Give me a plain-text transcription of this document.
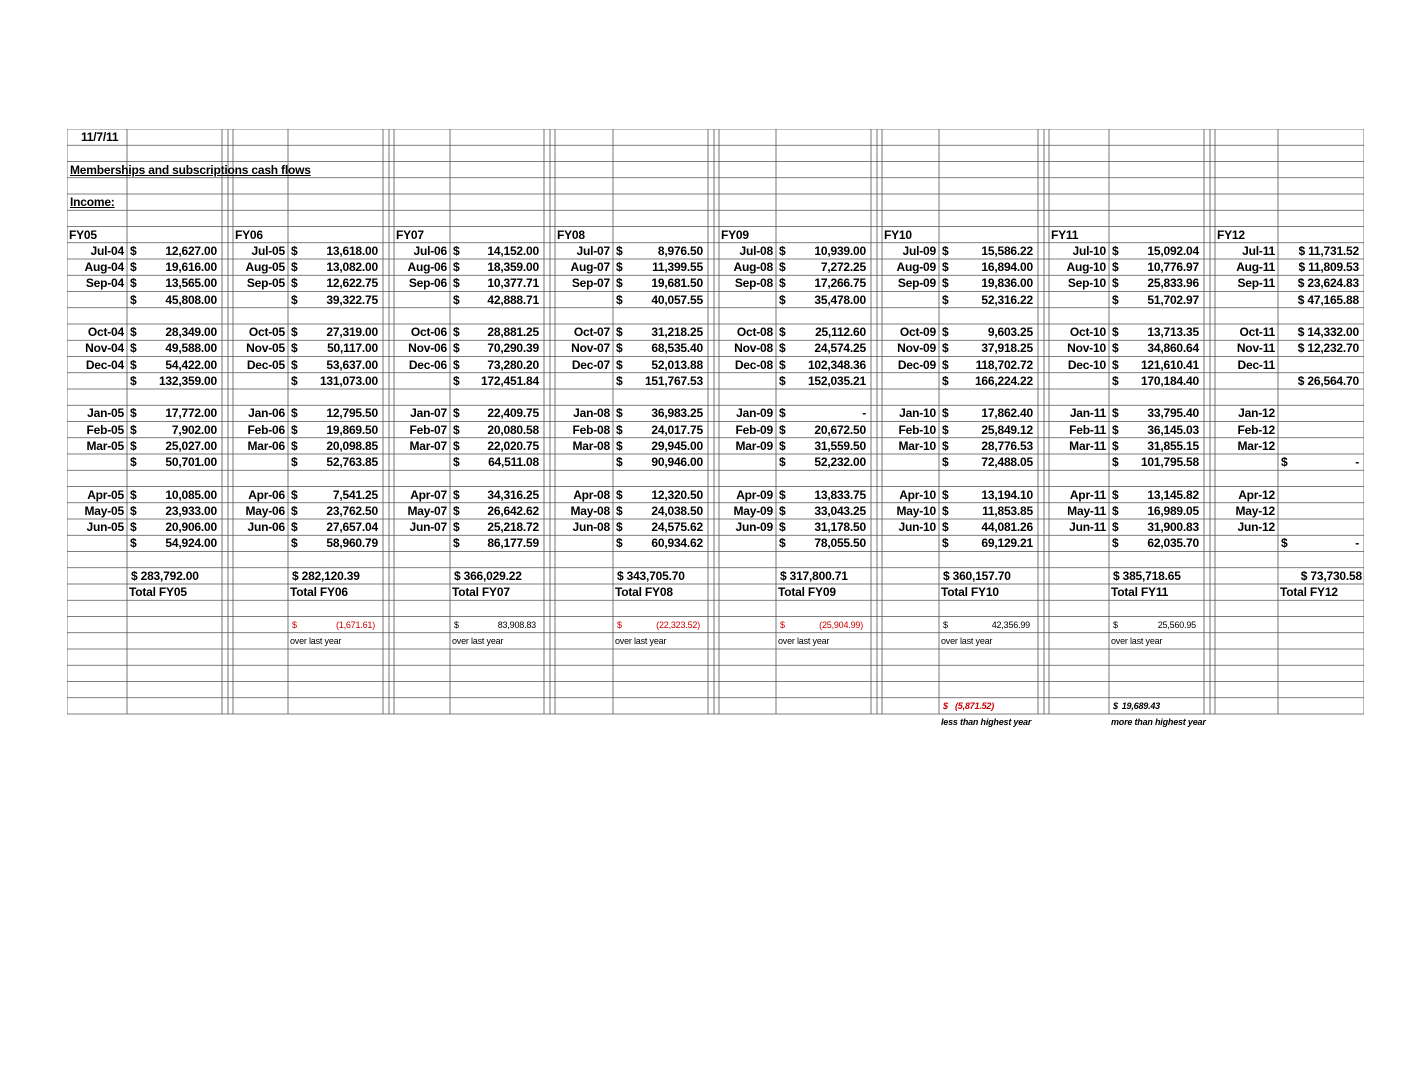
11/7/11
Memberships and subscriptions cash flows
Income:
FY05
Jul-04 $	12,627.00
Aug-04 $	19,616.00
Sep-04 $	13,565.00
$	45,808.00
Oct-04 $	28,349.00
Nov-04 $	49,588.00
Dec-04 $	54,422.00
$	132,359.00
Jan-05 $	17,772.00
Feb-05 $	7,902.00
Mar-05 $	25,027.00
$	50,701.00
Apr-05 $	10,085.00
May-05 $	23,933.00
Jun-05 $	20,906.00
$	54,924.00
$ 283,792.00
Total FY05
FY06
Jul-05 $	13,618.00
Aug-05 $	13,082.00
Sep-05 $	12,622.75
$	39,322.75
Oct-05 $	27,319.00
Nov-05 $	50,117.00
Dec-05 $	53,637.00
$	131,073.00
Jan-06 $	12,795.50
Feb-06 $	19,869.50
Mar-06 $	20,098.85
$	52,763.85
Apr-06 $	7,541.25
May-06 $	23,762.50
Jun-06 $	27,657.04
$	58,960.79
$ 282,120.39
Total FY06
$	(1,671.61)
over last year
FY07
Jul-06 $	14,152.00
Aug-06 $	18,359.00
Sep-06 $	10,377.71
$	42,888.71
Oct-06 $	28,881.25
Nov-06 $	70,290.39
Dec-06 $	73,280.20
$	172,451.84
Jan-07 $	22,409.75
Feb-07 $	20,080.58
Mar-07 $	22,020.75
$	64,511.08
Apr-07 $	34,316.25
May-07 $	26,642.62
Jun-07 $	25,218.72
$	86,177.59
$ 366,029.22
Total FY07
$	83,908.83
over last year
FY08
Jul-07 $	8,976.50
Aug-07 $	11,399.55
Sep-07 $	19,681.50
$	40,057.55
Oct-07 $	31,218.25
Nov-07 $	68,535.40
Dec-07 $	52,013.88
$	151,767.53
Jan-08 $	36,983.25
Feb-08 $	24,017.75
Mar-08 $	29,945.00
$	90,946.00
Apr-08 $	12,320.50
May-08 $	24,038.50
Jun-08 $	24,575.62
$	60,934.62
$ 343,705.70
Total FY08
$	(22,323.52)
over last year
FY09
Jul-08 $	10,939.00
Aug-08 $	7,272.25
Sep-08 $	17,266.75
$	35,478.00
Oct-08 $	25,112.60
Nov-08 $	24,574.25
Dec-08 $	102,348.36
$	152,035.21
Jan-09 $	-
Feb-09 $	20,672.50
Mar-09 $	31,559.50
$	52,232.00
Apr-09 $	13,833.75
May-09 $	33,043.25
Jun-09 $	31,178.50
$	78,055.50
$ 317,800.71
Total FY09
$	(25,904.99)
over last year
FY10
Jul-09 $	15,586.22
Aug-09 $	16,894.00
Sep-09 $	19,836.00
$	52,316.22
Oct-09 $	9,603.25
Nov-09 $	37,918.25
Dec-09 $	118,702.72
$	166,224.22
Jan-10 $	17,862.40
Feb-10 $	25,849.12
Mar-10 $	28,776.53
$	72,488.05
Apr-10 $	13,194.10
May-10 $	11,853.85
Jun-10 $	44,081.26
$	69,129.21
$ 360,157.70
Total FY10
$	42,356.99
over last year
$ (5,871.52)
less than highest year
FY11
Jul-10 $	15,092.04
Aug-10 $	10,776.97
Sep-10 $	25,833.96
$	51,702.97
Oct-10 $	13,713.35
Nov-10 $	34,860.64
Dec-10 $	121,610.41
$	170,184.40
Jan-11 $	33,795.40
Feb-11 $	36,145.03
Mar-11 $	31,855.15
$	101,795.58
Apr-11 $	13,145.82
May-11 $	16,989.05
Jun-11 $	31,900.83
$	62,035.70
$ 385,718.65
Total FY11
$	25,560.95
over last year
$ 19,689.43
more than highest year
FY12
Jul-11	$ 11,731.52
Aug-11	$ 11,809.53
Sep-11	$ 23,624.83
$ 47,165.88
Oct-11	$ 14,332.00
Nov-11	$ 12,232.70
Dec-11
$ 26,564.70
Jan-12
Feb-12
Mar-12
$	-
Apr-12
May-12
Jun-12
$	-
$ 73,730.58
Total FY12
